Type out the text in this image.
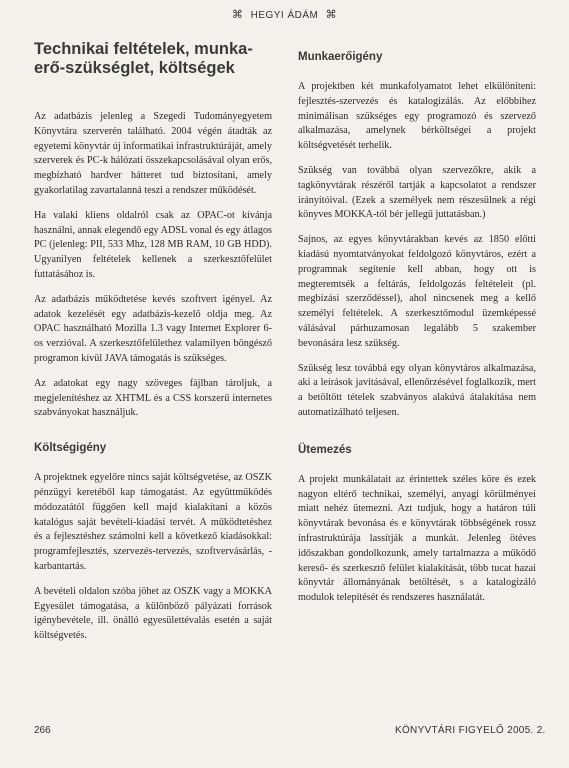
⌘ HEGYI ÁDÁM ⌘
Technikai feltételek, munka-erő-szükséglet, költségek

Az adatbázis jelenleg a Szegedi Tudományegyetem Könyvtára szerverén található. 2004 végén átadták az egyetemi könyvtár új informatikai infrastruktúráját, amely szerverek és PC-k hálózati összekapcsolásával olyan erős, megbízható hardver hátteret tud biztosítani, amely gyakorlatilag zavartalanná teszi a rendszer működését.

Ha valaki kliens oldalról csak az OPAC-ot kívánja használni, annak elegendő egy ADSL vonal és egy átlagos PC (jelenleg: PII, 533 Mhz, 128 MB RAM, 10 GB HDD). Ugyanilyen feltételek kellenek a szerkesztőfelület futtatásához is.

Az adatbázis működtetése kevés szoftvert igényel. Az adatok kezelését egy adatbázis-kezelő oldja meg. Az OPAC használható Mozilla 1.3 vagy Internet Explorer 6-os verzióval. A szerkesztőfelülethez valamilyen böngésző programon kívül JAVA támogatás is szükséges.

Az adatokat egy nagy szöveges fájlban tároljuk, a megjelenítéshez az XHTML és a CSS korszerű internetes szabványokat használjuk.

Költségigény

A projektnek egyelőre nincs saját költségvetése, az OSZK pénzügyi keretéből kap támogatást. Az együttműködés módozatától függően kell majd kialakítani a közös katalógus saját bevételi-kiadási tervét. A működtetéshez és a fejlesztéshez számolni kell a következő kiadásokkal: programfejlesztés, szervezés-tervezés, szoftvervásárlás, -karbantartás.

A bevételi oldalon szóba jöhet az OSZK vagy a MOKKA Egyesület támogatása, a különböző pályázati források igénybevétele, ill. önálló egyesülettévalás esetén a saját költségvetés.

Munkaerőigény

A projektben két munkafolyamatot lehet elkülöníteni: fejlesztés-szervezés és katalogizálás. Az előbbihez minimálisan szükséges egy programozó és szervező alkalmazása, amelynek bérköltségei a projekt költségvetését terhelik.

Szükség van továbbá olyan szervezőkre, akik a tagkönyvtárak részéről tartják a kapcsolatot a rendszer irányítóival. (Ezek a személyek nem részesülnek a régi könyves MOKKA-tól bér jellegű juttatásban.)

Sajnos, az egyes könyvtárakban kevés az 1850 előtti kiadású nyomtatványokat feldolgozó könyvtáros, ezért a programnak segítenie kell abban, hogy ott is megteremtsék a feltárás, feldolgozás feltételeit (pl. megbízási szerződéssel), ahol nincsenek meg a kellő személyi feltételek. A szerkesztőmodul üzemképessé válásával párhuzamosan legalább 5 szakember bevonására lesz szükség.

Szükség lesz továbbá egy olyan könyvtáros alkalmazása, aki a leírások javításával, ellenőrzésével foglalkozik, mert a betöltött tételek szabványos alakúvá átalakítása nem automatizálható teljesen.

Ütemezés

A projekt munkálatait az érintettek széles köre és ezek nagyon eltérő technikai, személyi, anyagi körülményei miatt nehéz ütemezni. Azt tudjuk, hogy a határon túli könyvtárak bevonása és e könyvtárak többségének rossz infrastruktúrája lassítják a munkát. Jelenleg ötéves időszakban gondolkozunk, amely tartalmazza a működő kereső- és szerkesztő felület kialakítását, több tucat hazai könyvtár állományának betöltését, s a katalogizáló modulok telepítését és rendszeres használatát.

266	KÖNYVTÁRI FIGYELŐ 2005. 2.
